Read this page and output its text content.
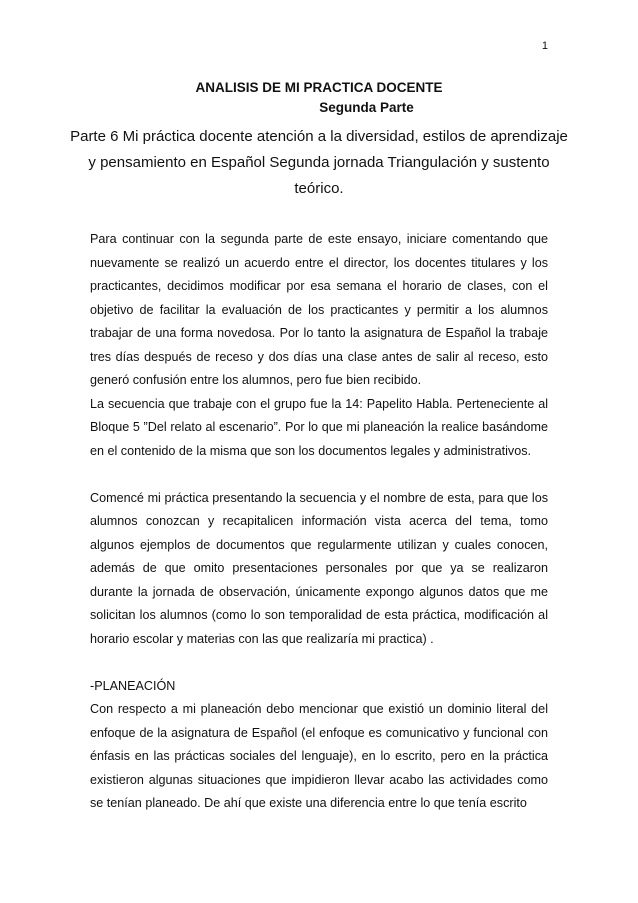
1

ANALISIS DE MI PRACTICA DOCENTE

Segunda Parte

Parte 6 Mi práctica docente atención a la diversidad, estilos de aprendizaje y pensamiento en Español Segunda jornada Triangulación y sustento teórico.

Para continuar con la segunda parte de este ensayo, iniciare comentando que nuevamente se realizó un acuerdo entre el director, los docentes titulares y los practicantes, decidimos modificar por esa semana el horario de clases, con el objetivo de facilitar la evaluación de los practicantes y permitir a los alumnos trabajar de una forma novedosa. Por lo tanto la asignatura de Español la trabaje tres días después de receso y dos días una clase antes de salir al receso, esto generó confusión entre los alumnos, pero fue bien recibido.

La secuencia que trabaje con el grupo fue la 14: Papelito Habla. Perteneciente al Bloque 5 ”Del relato al escenario”. Por lo que mi planeación la realice basándome en el contenido de la misma que son los documentos legales y administrativos.

Comencé mi práctica presentando la secuencia y el nombre de esta, para que los alumnos conozcan y recapitalicen información vista acerca del tema, tomo algunos ejemplos de documentos que regularmente utilizan y cuales conocen, además de que omito presentaciones personales por que ya se realizaron durante la jornada de observación, únicamente expongo algunos datos que me solicitan los alumnos (como lo son temporalidad de esta práctica, modificación al horario escolar y materias con las que realizaría mi practica) .

-PLANEACIÓN

Con respecto a mi planeación debo mencionar que existió un dominio literal del enfoque de la asignatura de Español (el enfoque es comunicativo y funcional con énfasis en las prácticas sociales del lenguaje), en lo escrito, pero en la práctica existieron algunas situaciones que impidieron llevar acabo las actividades como se tenían planeado. De ahí que existe una diferencia entre lo que tenía escrito
